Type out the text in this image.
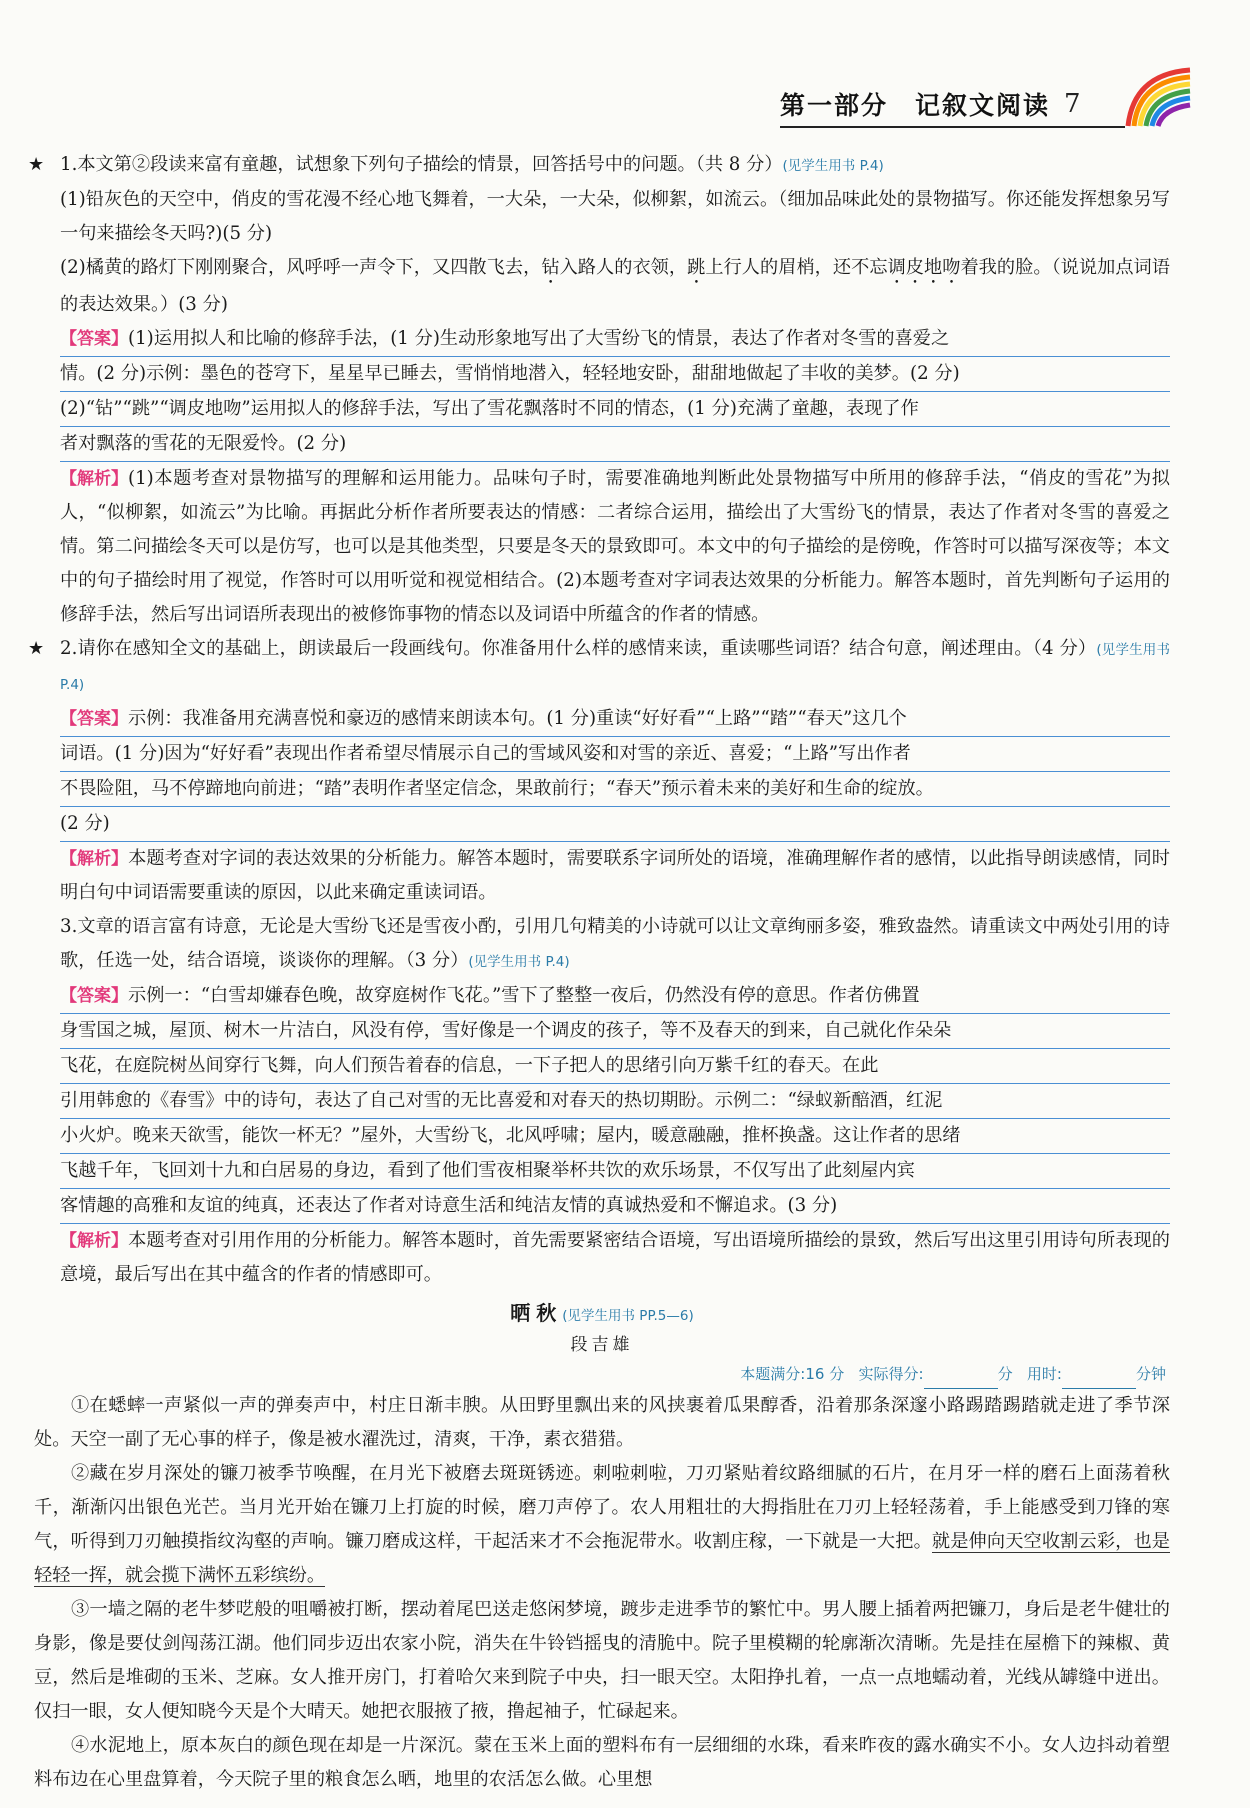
第一部分　记叙文阅读 7

★ 1.本文第②段读来富有童趣，试想象下列句子描绘的情景，回答括号中的问题。（共 8 分）(见学生用书 P.4)

(1)铅灰色的天空中，俏皮的雪花漫不经心地飞舞着，一大朵，一大朵，似柳絮，如流云。（细加品味此处的景物描写。你还能发挥想象另写一句来描绘冬天吗?)(5 分)

(2)橘黄的路灯下刚刚聚合，风呼呼一声令下，又四散飞去，钻入路人的衣领，跳上行人的眉梢，还不忘调皮地吻着我的脸。（说说加点词语的表达效果。）(3 分)

【答案】(1)运用拟人和比喻的修辞手法，(1 分)生动形象地写出了大雪纷飞的情景，表达了作者对冬雪的喜爱之
情。(2 分)示例：墨色的苍穹下，星星早已睡去，雪悄悄地潜入，轻轻地安卧，甜甜地做起了丰收的美梦。(2 分)
(2)“钻”“跳”“调皮地吻”运用拟人的修辞手法，写出了雪花飘落时不同的情态，(1 分)充满了童趣，表现了作
者对飘落的雪花的无限爱怜。(2 分)

【解析】(1)本题考查对景物描写的理解和运用能力。品味句子时，需要准确地判断此处景物描写中所用的修辞手法，“俏皮的雪花”为拟人，“似柳絮，如流云”为比喻。再据此分析作者所要表达的情感：二者综合运用，描绘出了大雪纷飞的情景，表达了作者对冬雪的喜爱之情。第二问描绘冬天可以是仿写，也可以是其他类型，只要是冬天的景致即可。本文中的句子描绘的是傍晚，作答时可以描写深夜等；本文中的句子描绘时用了视觉，作答时可以用听觉和视觉相结合。(2)本题考查对字词表达效果的分析能力。解答本题时，首先判断句子运用的修辞手法，然后写出词语所表现出的被修饰事物的情态以及词语中所蕴含的作者的情感。

★ 2.请你在感知全文的基础上，朗读最后一段画线句。你准备用什么样的感情来读，重读哪些词语？结合句意，阐述理由。（4 分）(见学生用书 P.4)

【答案】示例：我准备用充满喜悦和豪迈的感情来朗读本句。(1 分)重读“好好看”“上路”“踏”“春天”这几个
词语。(1 分)因为“好好看”表现出作者希望尽情展示自己的雪域风姿和对雪的亲近、喜爱；“上路”写出作者
不畏险阻，马不停蹄地向前进；“踏”表明作者坚定信念，果敢前行；“春天”预示着未来的美好和生命的绽放。
(2 分)

【解析】本题考查对字词的表达效果的分析能力。解答本题时，需要联系字词所处的语境，准确理解作者的感情，以此指导朗读感情，同时明白句中词语需要重读的原因，以此来确定重读词语。

3.文章的语言富有诗意，无论是大雪纷飞还是雪夜小酌，引用几句精美的小诗就可以让文章绚丽多姿，雅致盎然。请重读文中两处引用的诗歌，任选一处，结合语境，谈谈你的理解。（3 分）(见学生用书 P.4)

【答案】示例一：“白雪却嫌春色晚，故穿庭树作飞花。”雪下了整整一夜后，仍然没有停的意思。作者仿佛置
身雪国之城，屋顶、树木一片洁白，风没有停，雪好像是一个调皮的孩子，等不及春天的到来，自己就化作朵朵
飞花，在庭院树丛间穿行飞舞，向人们预告着春的信息，一下子把人的思绪引向万紫千红的春天。在此
引用韩愈的《春雪》中的诗句，表达了自己对雪的无比喜爱和对春天的热切期盼。示例二：“绿蚁新醅酒，红泥
小火炉。晚来天欲雪，能饮一杯无？”屋外，大雪纷飞，北风呼啸；屋内，暖意融融，推杯换盏。这让作者的思绪
飞越千年，飞回刘十九和白居易的身边，看到了他们雪夜相聚举杯共饮的欢乐场景，不仅写出了此刻屋内宾
客情趣的高雅和友谊的纯真，还表达了作者对诗意生活和纯洁友情的真诚热爱和不懈追求。(3 分)

【解析】本题考查对引用作用的分析能力。解答本题时，首先需要紧密结合语境，写出语境所描绘的景致，然后写出这里引用诗句所表现的意境，最后写出在其中蕴含的作者的情感即可。

晒秋(见学生用书 PP.5—6)
段吉雄
本题满分:16 分 实际得分:	分 用时:	分钟

①在蟋蟀一声紧似一声的弹奏声中，村庄日渐丰腴。从田野里飘出来的风挟裹着瓜果醇香，沿着那条深邃小路踢踏踢踏就走进了季节深处。天空一副了无心事的样子，像是被水濯洗过，清爽，干净，素衣猎猎。

②藏在岁月深处的镰刀被季节唤醒，在月光下被磨去斑斑锈迹。刺啦刺啦，刀刃紧贴着纹路细腻的石片，在月牙一样的磨石上面荡着秋千，渐渐闪出银色光芒。当月光开始在镰刀上打旋的时候，磨刀声停了。农人用粗壮的大拇指肚在刀刃上轻轻荡着，手上能感受到刀锋的寒气，听得到刀刃触摸指纹沟壑的声响。镰刀磨成这样，干起活来才不会拖泥带水。收割庄稼，一下就是一大把。就是伸向天空收割云彩，也是轻轻一挥，就会揽下满怀五彩缤纷。

③一墙之隔的老牛梦呓般的咀嚼被打断，摆动着尾巴送走悠闲梦境，踱步走进季节的繁忙中。男人腰上插着两把镰刀，身后是老牛健壮的身影，像是要仗剑闯荡江湖。他们同步迈出农家小院，消失在牛铃铛摇曳的清脆中。院子里模糊的轮廓渐次清晰。先是挂在屋檐下的辣椒、黄豆，然后是堆砌的玉米、芝麻。女人推开房门，打着哈欠来到院子中央，扫一眼天空。太阳挣扎着，一点一点地蠕动着，光线从罅缝中迸出。仅扫一眼，女人便知晓今天是个大晴天。她把衣服掖了掖，撸起袖子，忙碌起来。

④水泥地上，原本灰白的颜色现在却是一片深沉。蒙在玉米上面的塑料布有一层细细的水珠，看来昨夜的露水确实不小。女人边抖动着塑料布边在心里盘算着，今天院子里的粮食怎么晒，地里的农活怎么做。心里想
